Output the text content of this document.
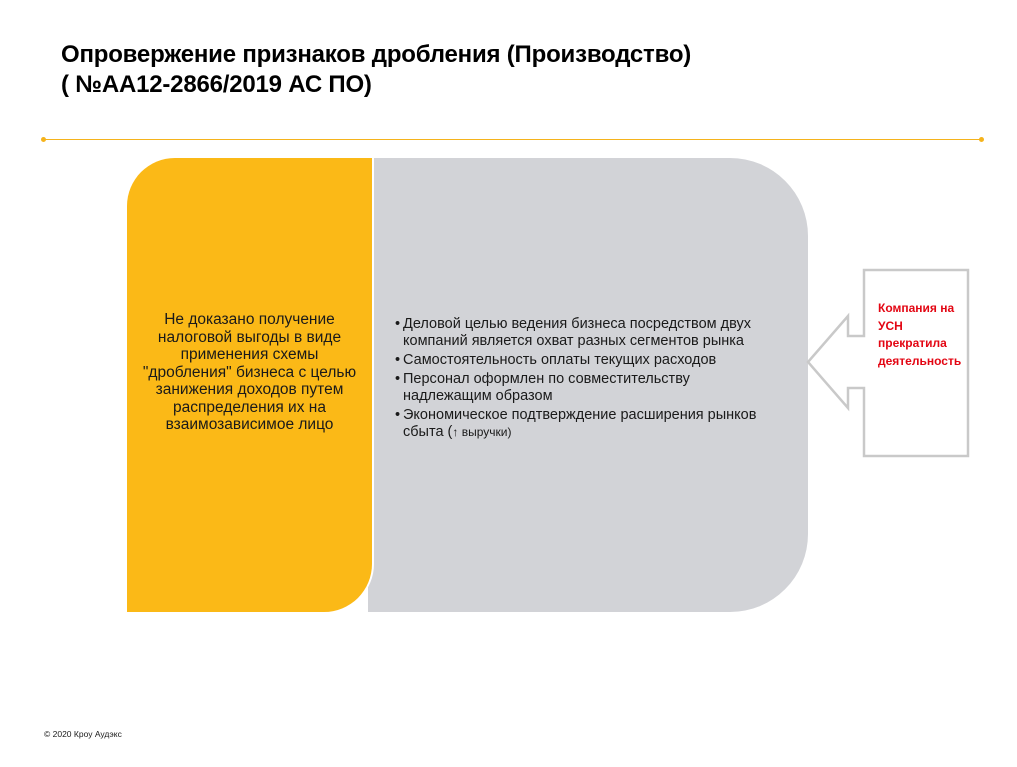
Опровержение признаков дробления (Производство)
( №АА12-2866/2019 АС ПО)
Не доказано получение налоговой выгоды в виде применения схемы "дробления" бизнеса с целью занижения доходов путем распределения их на взаимозависимое лицо
• Деловой целью ведения бизнеса посредством двух компаний является охват разных сегментов рынка
• Самостоятельность оплаты текущих расходов
• Персонал оформлен по совместительству надлежащим образом
• Экономическое подтверждение расширения рынков сбыта (↑ выручки)
Компания на УСН прекратила деятельность
© 2020 Кроу Аудэкс
